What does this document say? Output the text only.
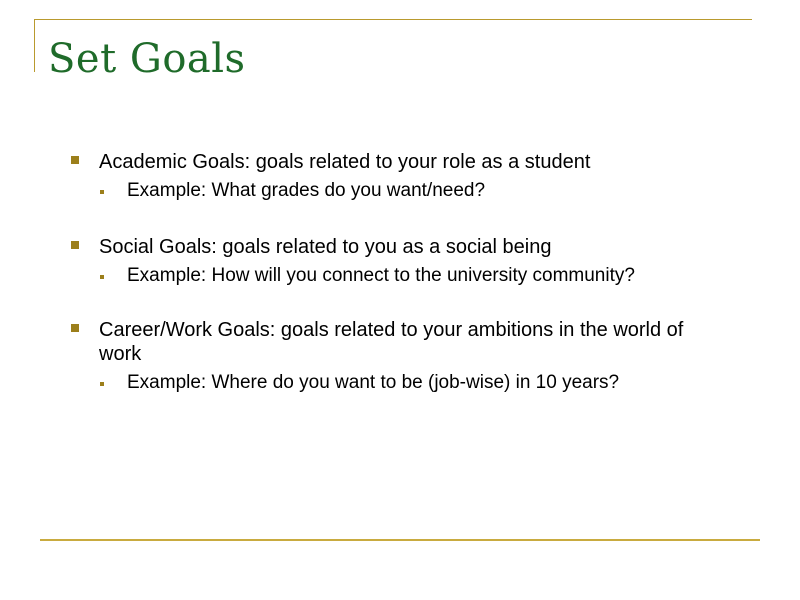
Set Goals
Academic Goals: goals related to your role as a student
Example: What grades do you want/need?
Social Goals: goals related to you as a social being
Example: How will you connect to the university community?
Career/Work Goals: goals related to your ambitions in the world of work
Example: Where do you want to be (job-wise) in 10 years?
